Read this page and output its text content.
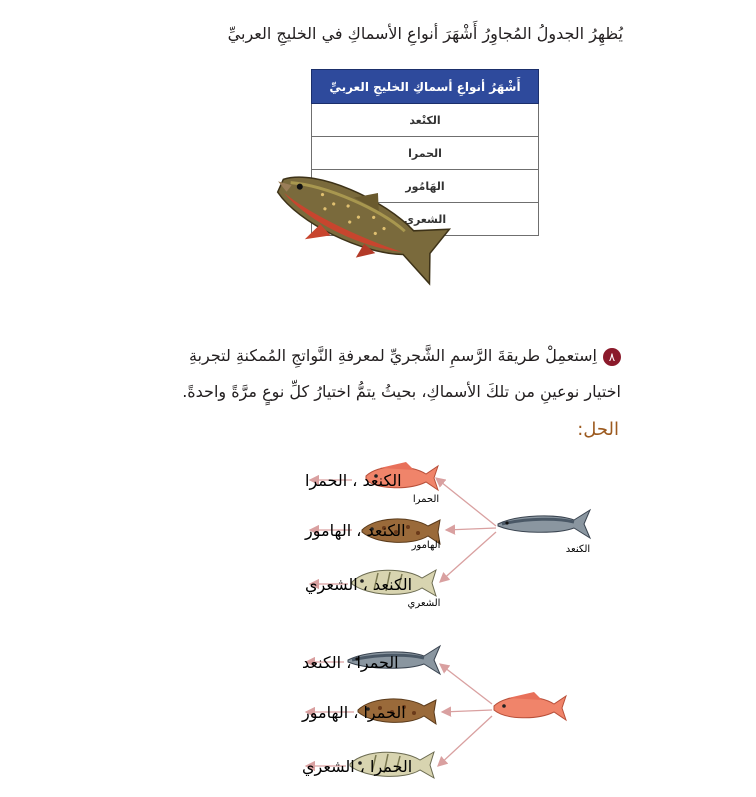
يُظهِرُ الجدولُ المُجاوِرُ أَشْهَرَ أنواعِ الأسماكِ في الخليجِ العربيِّ
أَشْهَرُ أنواعِ أسماكِ الخليجِ العربيِّ
الكنْعد
الحمرا
الهَامُور
الشعري
٨اِستعمِلْ طريقةَ الرَّسمِ الشَّجريِّ لمعرفةِ النَّواتجِ المُمكنةِ لتجربةِ
اختيار نوعينِ من تلكَ الأسماكِ، بحيثُ يتمُّ اختيارُ كلِّ نوعٍ مرَّةً واحدةً.
الحل:
الكنعد
الحمرا
الهامور
الشعري
الكنعد ، الحمرا
الكنعد ، الهامور
الكنعد ، الشعري
الحمرا ، الكنعد
الحمرا ، الهامور
الحمرا ، الشعري
